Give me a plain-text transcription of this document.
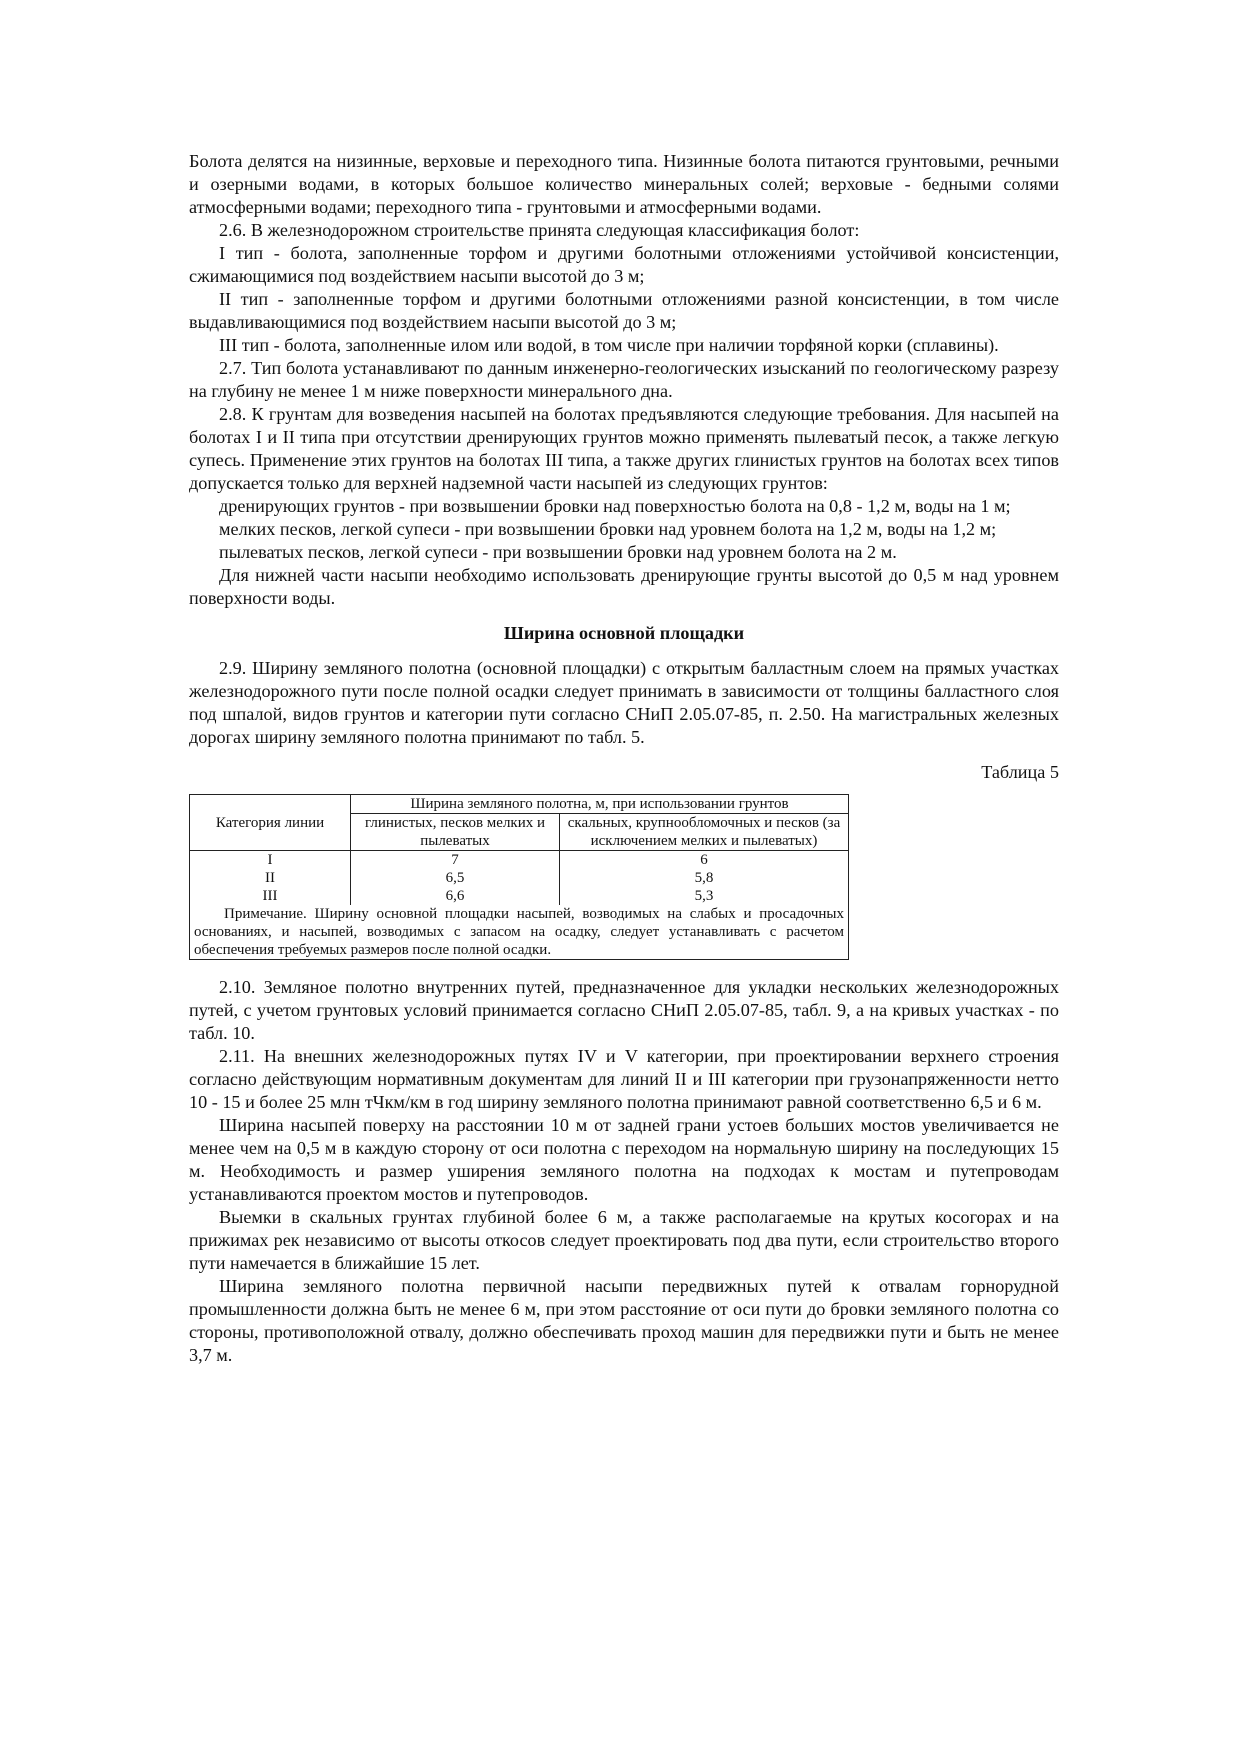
Болота делятся на низинные, верховые и переходного типа. Низинные болота питаются грунтовыми, речными и озерными водами, в которых большое количество минеральных солей; верховые - бедными солями атмосферными водами; переходного типа - грунтовыми и атмосферными водами.

2.6. В железнодорожном строительстве принята следующая классификация болот:

I тип - болота, заполненные торфом и другими болотными отложениями устойчивой консистенции, сжимающимися под воздействием насыпи высотой до 3 м;

II тип - заполненные торфом и другими болотными отложениями разной консистенции, в том числе выдавливающимися под воздействием насыпи высотой до 3 м;

III тип - болота, заполненные илом или водой, в том числе при наличии торфяной корки (сплавины).

2.7. Тип болота устанавливают по данным инженерно-геологических изысканий по геологическому разрезу на глубину не менее 1 м ниже поверхности минерального дна.

2.8. К грунтам для возведения насыпей на болотах предъявляются следующие требования. Для насыпей на болотах I и II типа при отсутствии дренирующих грунтов можно применять пылеватый песок, а также легкую супесь. Применение этих грунтов на болотах III типа, а также других глинистых грунтов на болотах всех типов допускается только для верхней надземной части насыпей из следующих грунтов:

дренирующих грунтов - при возвышении бровки над поверхностью болота на 0,8 - 1,2 м, воды на 1 м;

мелких песков, легкой супеси - при возвышении бровки над уровнем болота на 1,2 м, воды на 1,2 м;

пылеватых песков, легкой супеси - при возвышении бровки над уровнем болота на 2 м.

Для нижней части насыпи необходимо использовать дренирующие грунты высотой до 0,5 м над уровнем поверхности воды.

Ширина основной площадки

2.9. Ширину земляного полотна (основной площадки) с открытым балластным слоем на прямых участках железнодорожного пути после полной осадки следует принимать в зависимости от толщины балластного слоя под шпалой, видов грунтов и категории пути согласно СНиП 2.05.07-85, п. 2.50. На магистральных железных дорогах ширину земляного полотна принимают по табл. 5.

Таблица 5
Категория линии	Ширина земляного полотна, м, при использовании грунтов	
	глинистых, песков мелких и пылеватых	скальных, крупнообломочных и песков (за исключением мелких и пылеватых)
I	7	6
II	6,5	5,8
III	6,6	5,3
Примечание. Ширину основной площадки насыпей, возводимых на слабых и просадочных основаниях, и насыпей, возводимых с запасом на осадку, следует устанавливать с расчетом обеспечения требуемых размеров после полной осадки.		

2.10. Земляное полотно внутренних путей, предназначенное для укладки нескольких железнодорожных путей, с учетом грунтовых условий принимается согласно СНиП 2.05.07-85, табл. 9, а на кривых участках - по табл. 10.

2.11. На внешних железнодорожных путях IV и V категории, при проектировании верхнего строения согласно действующим нормативным документам для линий II и III категории при грузонапряженности нетто 10 - 15 и более 25 млн тЧкм/км в год ширину земляного полотна принимают равной соответственно 6,5 и 6 м.

Ширина насыпей поверху на расстоянии 10 м от задней грани устоев больших мостов увеличивается не менее чем на 0,5 м в каждую сторону от оси полотна с переходом на нормальную ширину на последующих 15 м. Необходимость и размер уширения земляного полотна на подходах к мостам и путепроводам устанавливаются проектом мостов и путепроводов.

Выемки в скальных грунтах глубиной более 6 м, а также располагаемые на крутых косогорах и на прижимах рек независимо от высоты откосов следует проектировать под два пути, если строительство второго пути намечается в ближайшие 15 лет.

Ширина земляного полотна первичной насыпи передвижных путей к отвалам горнорудной промышленности должна быть не менее 6 м, при этом расстояние от оси пути до бровки земляного полотна со стороны, противоположной отвалу, должно обеспечивать проход машин для передвижки пути и быть не менее 3,7 м.
